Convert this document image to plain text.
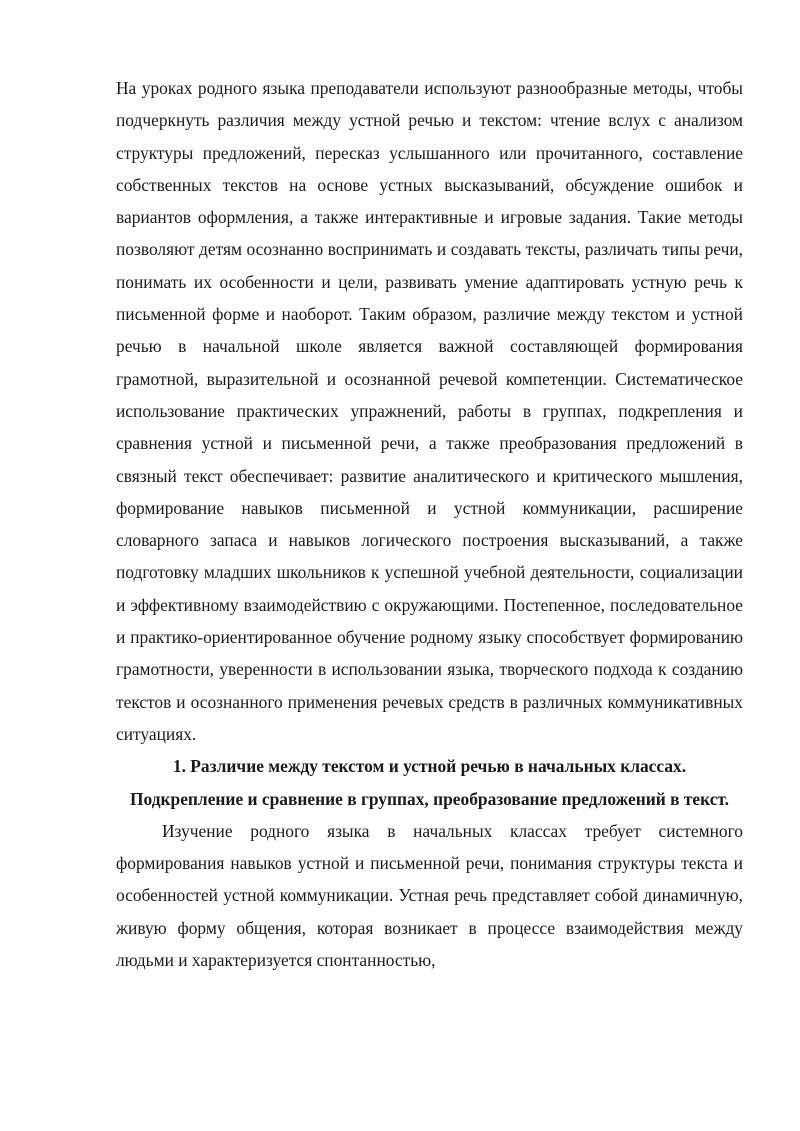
На уроках родного языка преподаватели используют разнообразные методы, чтобы подчеркнуть различия между устной речью и текстом: чтение вслух с анализом структуры предложений, пересказ услышанного или прочитанного, составление собственных текстов на основе устных высказываний, обсуждение ошибок и вариантов оформления, а также интерактивные и игровые задания. Такие методы позволяют детям осознанно воспринимать и создавать тексты, различать типы речи, понимать их особенности и цели, развивать умение адаптировать устную речь к письменной форме и наоборот. Таким образом, различие между текстом и устной речью в начальной школе является важной составляющей формирования грамотной, выразительной и осознанной речевой компетенции. Систематическое использование практических упражнений, работы в группах, подкрепления и сравнения устной и письменной речи, а также преобразования предложений в связный текст обеспечивает: развитие аналитического и критического мышления, формирование навыков письменной и устной коммуникации, расширение словарного запаса и навыков логического построения высказываний, а также подготовку младших школьников к успешной учебной деятельности, социализации и эффективному взаимодействию с окружающими. Постепенное, последовательное и практико-ориентированное обучение родному языку способствует формированию грамотности, уверенности в использовании языка, творческого подхода к созданию текстов и осознанного применения речевых средств в различных коммуникативных ситуациях.

1. Различие между текстом и устной речью в начальных классах. Подкрепление и сравнение в группах, преобразование предложений в текст.

Изучение родного языка в начальных классах требует системного формирования навыков устной и письменной речи, понимания структуры текста и особенностей устной коммуникации. Устная речь представляет собой динамичную, живую форму общения, которая возникает в процессе взаимодействия между людьми и характеризуется спонтанностью,
